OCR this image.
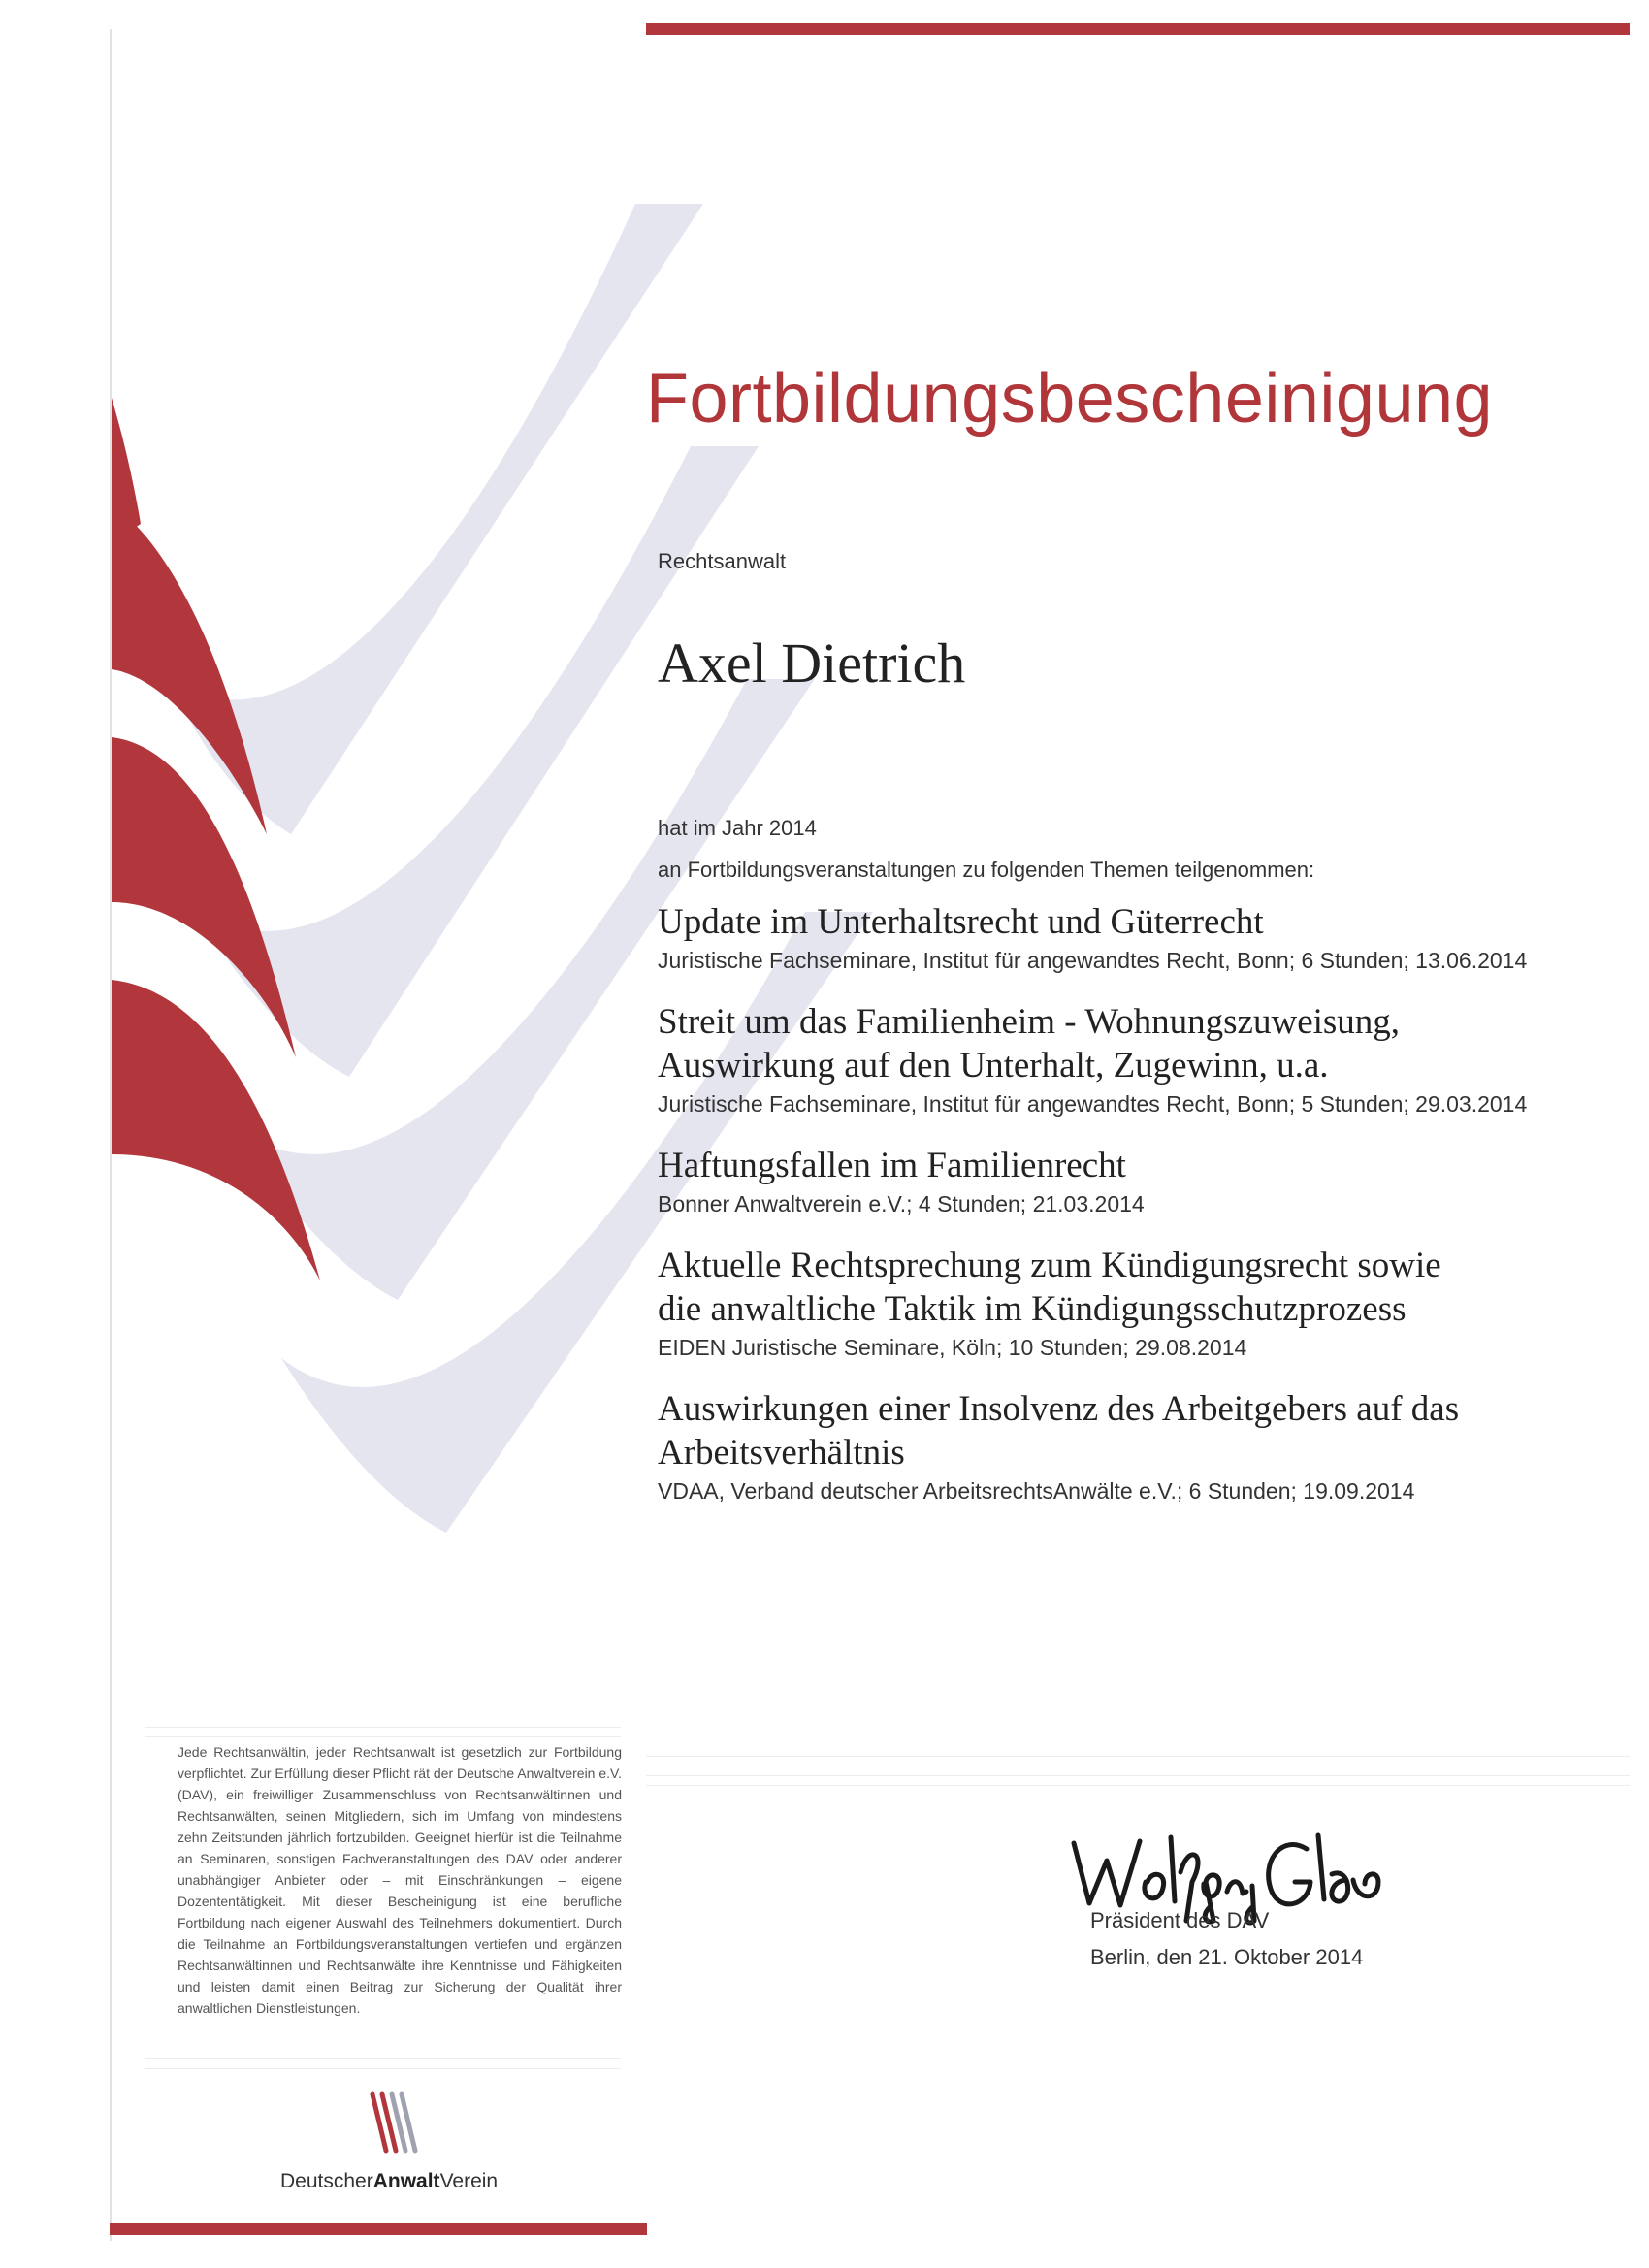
Fortbildungsbescheinigung
Rechtsanwalt
Axel Dietrich
hat im Jahr 2014
an Fortbildungsveranstaltungen zu folgenden Themen teilgenommen:
Update im Unterhaltsrecht und Güterrecht
Juristische Fachseminare, Institut für angewandtes Recht, Bonn; 6 Stunden; 13.06.2014
Streit um das Familienheim - Wohnungszuweisung,
Auswirkung auf den Unterhalt, Zugewinn, u.a.
Juristische Fachseminare, Institut für angewandtes Recht, Bonn; 5 Stunden; 29.03.2014
Haftungsfallen im Familienrecht
Bonner Anwaltverein e.V.; 4 Stunden; 21.03.2014
Aktuelle Rechtsprechung zum Kündigungsrecht sowie
die anwaltliche Taktik im Kündigungsschutzprozess
EIDEN Juristische Seminare, Köln; 10 Stunden; 29.08.2014
Auswirkungen einer Insolvenz des Arbeitgebers auf das
Arbeitsverhältnis
VDAA, Verband deutscher ArbeitsrechtsAnwälte e.V.; 6 Stunden; 19.09.2014
Jede Rechtsanwältin, jeder Rechtsanwalt ist gesetzlich zur Fortbildung verpflichtet. Zur Erfüllung dieser Pflicht rät der Deutsche Anwaltverein e.V. (DAV), ein freiwilliger Zusammenschluss von Rechtsanwältinnen und Rechtsanwälten, seinen Mitgliedern, sich im Umfang von mindestens zehn Zeitstunden jährlich fortzubilden. Geeignet hierfür ist die Teilnahme an Seminaren, sonstigen Fachveranstaltungen des DAV oder anderer unabhängiger Anbieter oder – mit Einschränkungen – eigene Dozententätigkeit. Mit dieser Bescheinigung ist eine berufliche Fortbildung nach eigener Auswahl des Teilnehmers dokumentiert. Durch die Teilnahme an Fortbildungsveranstaltungen vertiefen und ergänzen Rechtsanwältinnen und Rechtsanwälte ihre Kenntnisse und Fähigkeiten und leisten damit einen Beitrag zur Sicherung der Qualität ihrer anwaltlichen Dienstleistungen.
Präsident des DAV
Berlin, den 21. Oktober 2014
DeutscherAnwaltVerein
